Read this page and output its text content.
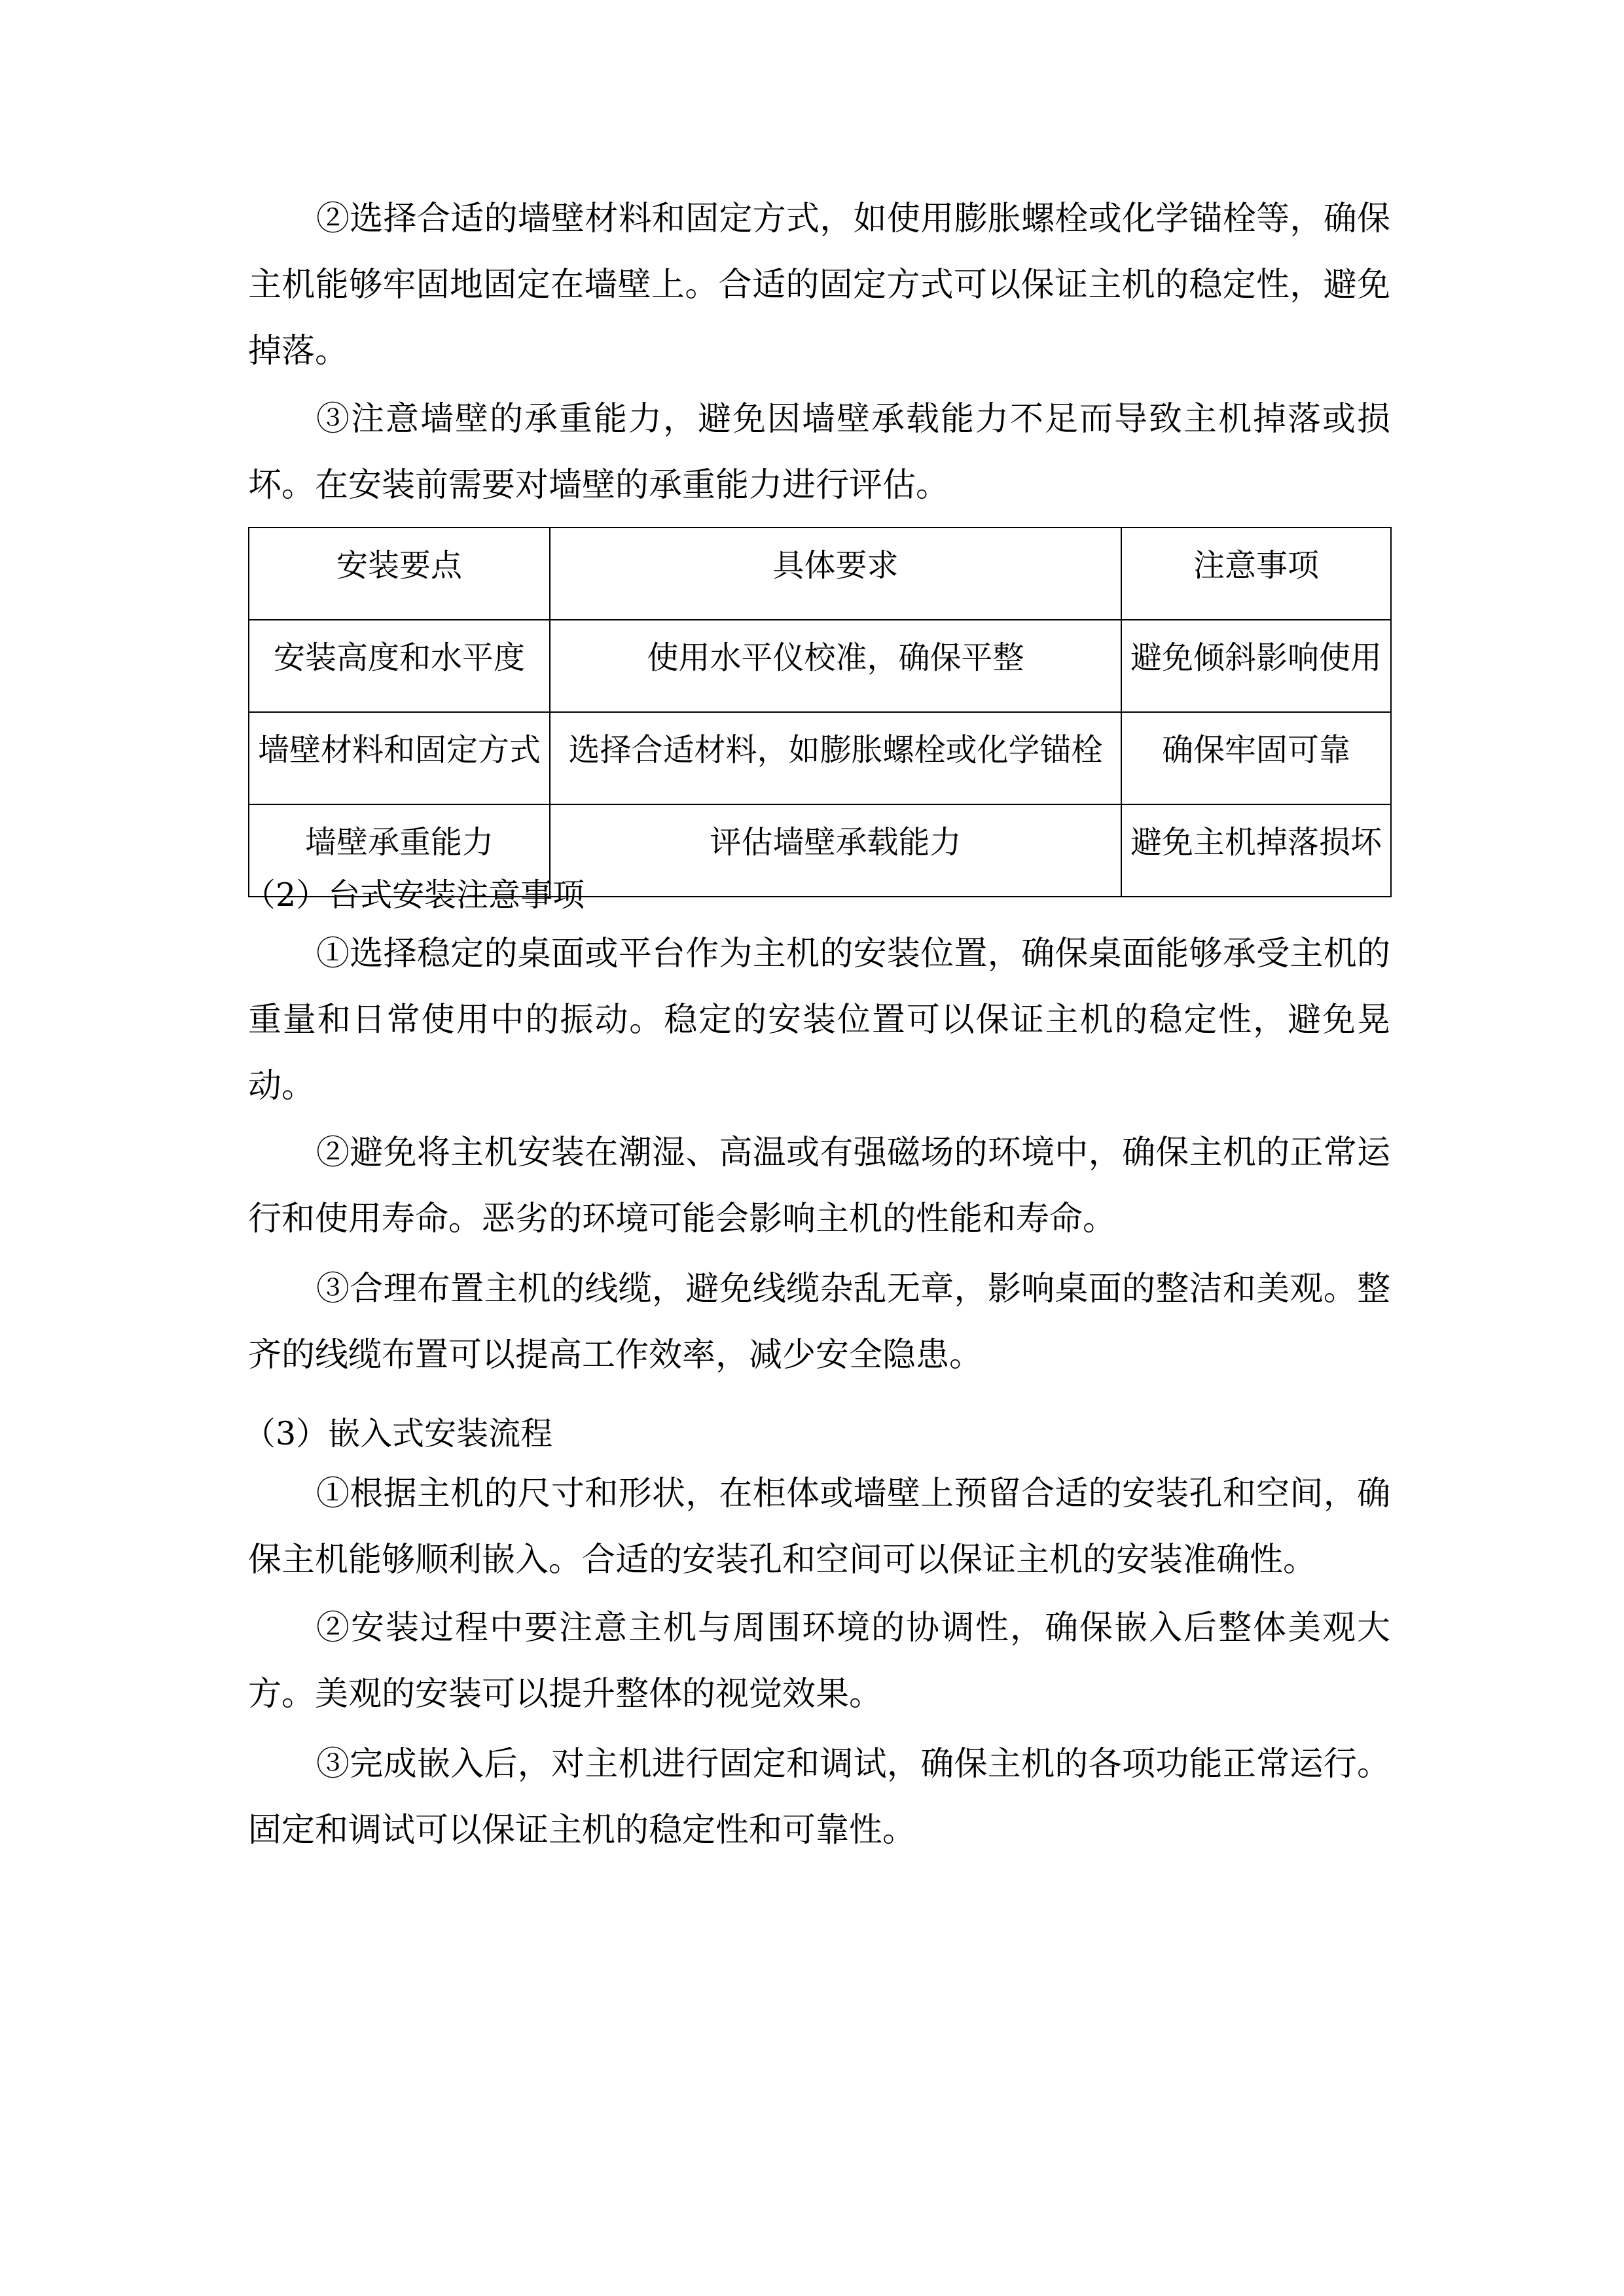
②选择合适的墙壁材料和固定方式，如使用膨胀螺栓或化学锚栓等，确保主机能够牢固地固定在墙壁上。合适的固定方式可以保证主机的稳定性，避免掉落。

③注意墙壁的承重能力，避免因墙壁承载能力不足而导致主机掉落或损坏。在安装前需要对墙壁的承重能力进行评估。

安装要点	具体要求	注意事项
安装高度和水平度	使用水平仪校准，确保平整	避免倾斜影响使用
墙壁材料和固定方式	选择合适材料，如膨胀螺栓或化学锚栓	确保牢固可靠
墙壁承重能力	评估墙壁承载能力	避免主机掉落损坏

（2）台式安装注意事项

①选择稳定的桌面或平台作为主机的安装位置，确保桌面能够承受主机的重量和日常使用中的振动。稳定的安装位置可以保证主机的稳定性，避免晃动。

②避免将主机安装在潮湿、高温或有强磁场的环境中，确保主机的正常运行和使用寿命。恶劣的环境可能会影响主机的性能和寿命。

③合理布置主机的线缆，避免线缆杂乱无章，影响桌面的整洁和美观。整齐的线缆布置可以提高工作效率，减少安全隐患。

（3）嵌入式安装流程

①根据主机的尺寸和形状，在柜体或墙壁上预留合适的安装孔和空间，确保主机能够顺利嵌入。合适的安装孔和空间可以保证主机的安装准确性。

②安装过程中要注意主机与周围环境的协调性，确保嵌入后整体美观大方。美观的安装可以提升整体的视觉效果。

③完成嵌入后，对主机进行固定和调试，确保主机的各项功能正常运行。固定和调试可以保证主机的稳定性和可靠性。
